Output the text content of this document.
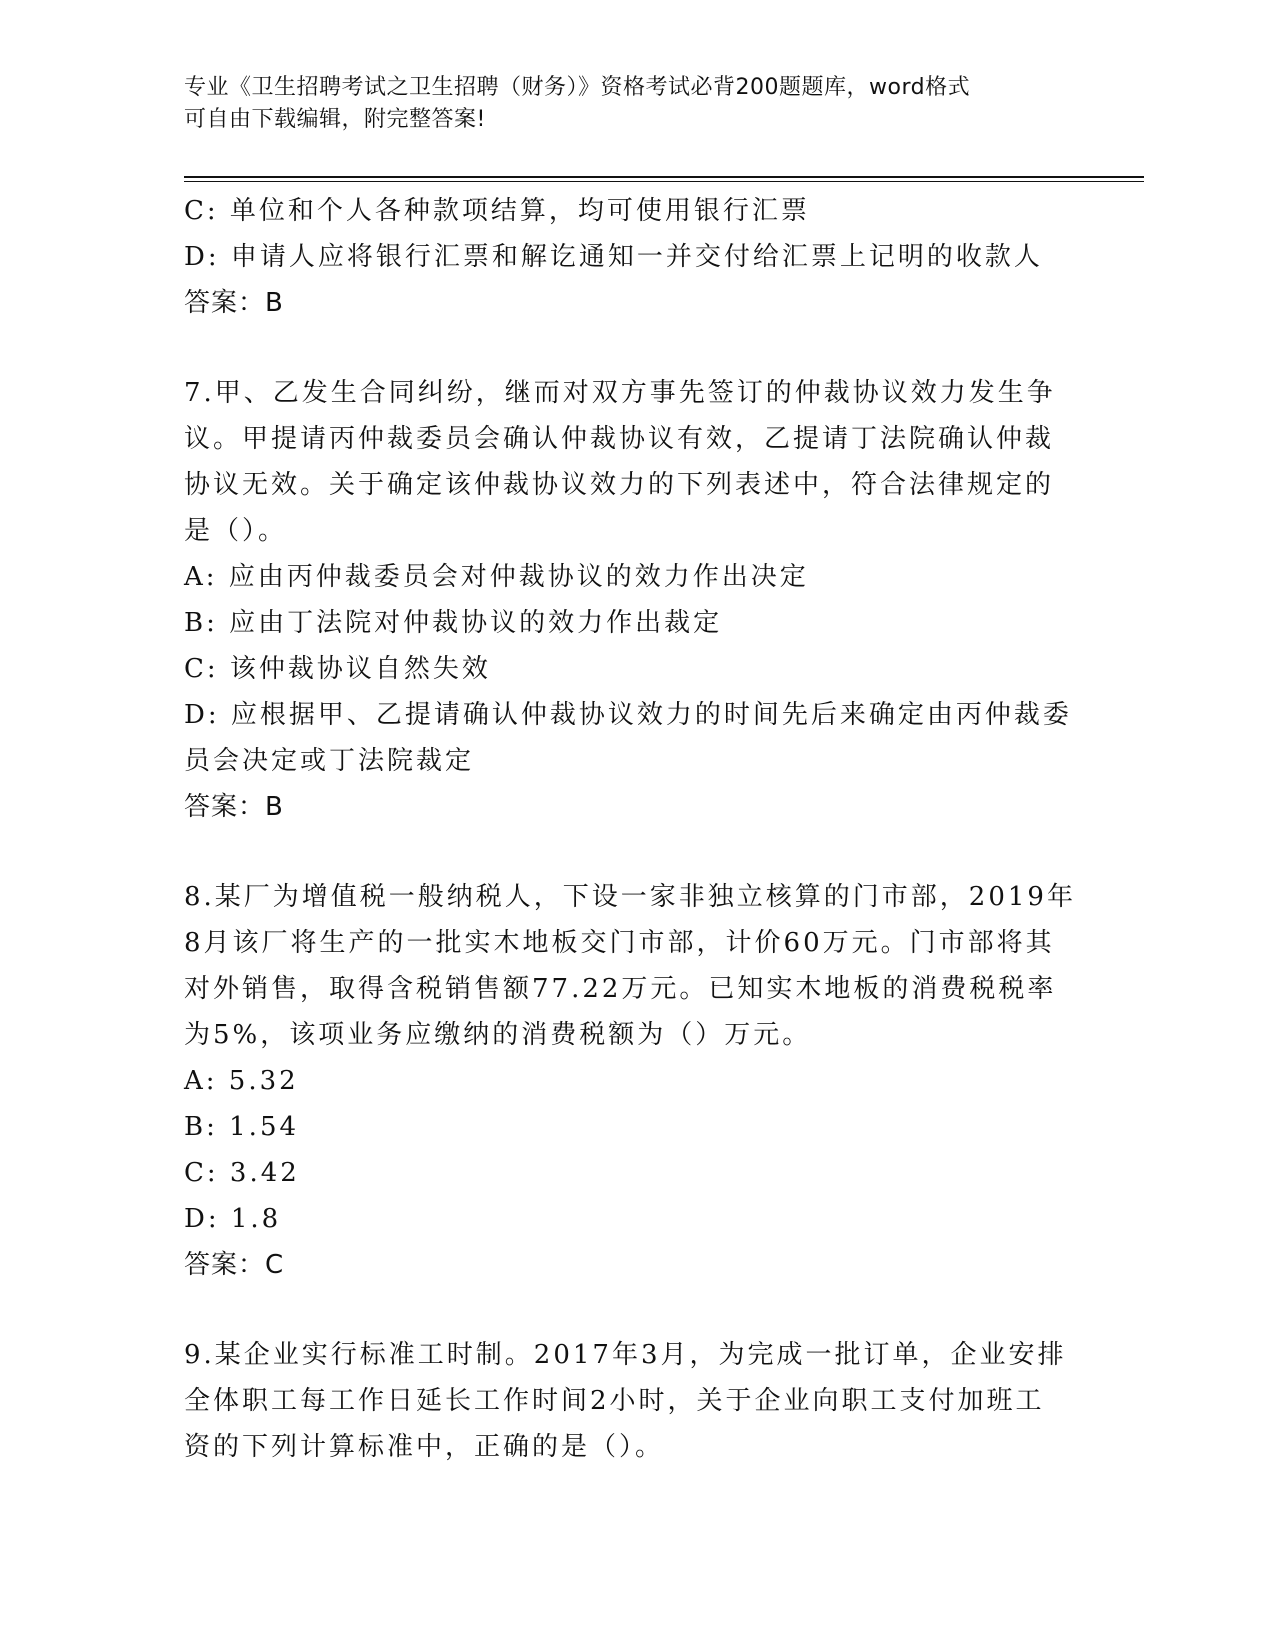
专业《卫生招聘考试之卫生招聘（财务）》资格考试必背200题题库，word格式
可自由下载编辑，附完整答案!
C: 单位和个人各种款项结算，均可使用银行汇票
D: 申请人应将银行汇票和解讫通知一并交付给汇票上记明的收款人
答案：B
7.甲、乙发生合同纠纷，继而对双方事先签订的仲裁协议效力发生争
议。甲提请丙仲裁委员会确认仲裁协议有效，乙提请丁法院确认仲裁
协议无效。关于确定该仲裁协议效力的下列表述中，符合法律规定的
是（）。
A: 应由丙仲裁委员会对仲裁协议的效力作出决定
B: 应由丁法院对仲裁协议的效力作出裁定
C: 该仲裁协议自然失效
D: 应根据甲、乙提请确认仲裁协议效力的时间先后来确定由丙仲裁委
员会决定或丁法院裁定
答案：B
8.某厂为增值税一般纳税人，下设一家非独立核算的门市部，2019年
8月该厂将生产的一批实木地板交门市部，计价60万元。门市部将其
对外销售，取得含税销售额77.22万元。已知实木地板的消费税税率
为5%，该项业务应缴纳的消费税额为（）万元。
A: 5.32
B: 1.54
C: 3.42
D: 1.8
答案：C
9.某企业实行标准工时制。2017年3月，为完成一批订单，企业安排
全体职工每工作日延长工作时间2小时，关于企业向职工支付加班工
资的下列计算标准中，正确的是（）。
